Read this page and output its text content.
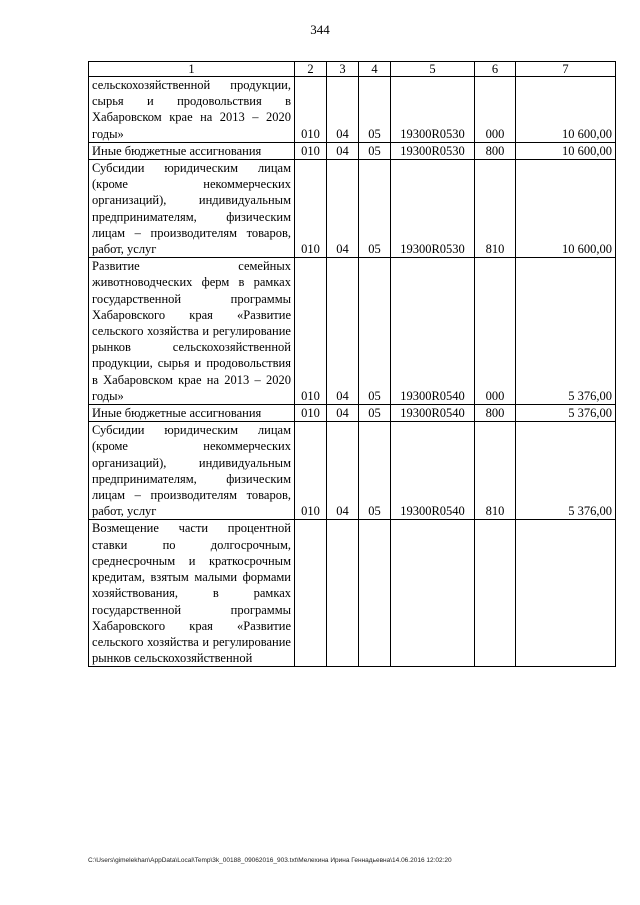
344
1	2	3	4	5	6	7
сельскохозяйственной продукции, сырья и продовольствия в Хабаровском крае на 2013 – 2020 годы»	010	04	05	19300R0530	000	10 600,00
Иные бюджетные ассигнования	010	04	05	19300R0530	800	10 600,00
Субсидии юридическим лицам (кроме некоммерческих организаций), индивидуальным предпринимателям, физическим лицам – производителям товаров, работ, услуг	010	04	05	19300R0530	810	10 600,00
Развитие семейных животноводческих ферм в рамках государственной программы Хабаровского края «Развитие сельского хозяйства и регулирование рынков сельскохозяйственной продукции, сырья и продовольствия в Хабаровском крае на 2013 – 2020 годы»	010	04	05	19300R0540	000	5 376,00
Иные бюджетные ассигнования	010	04	05	19300R0540	800	5 376,00
Субсидии юридическим лицам (кроме некоммерческих организаций), индивидуальным предпринимателям, физическим лицам – производителям товаров, работ, услуг	010	04	05	19300R0540	810	5 376,00
Возмещение части процентной ставки по долгосрочным, среднесрочным и краткосрочным кредитам, взятым малыми формами хозяйствования, в рамках государственной программы Хабаровского края «Развитие сельского хозяйства и регулирование рынков сельскохозяйственной						
C:\Users\gimelekhan\AppData\Local\Temp\3k_00188_09062016_903.txt\Мелехина Ирина Геннадьевна\14.06.2016 12:02:20
